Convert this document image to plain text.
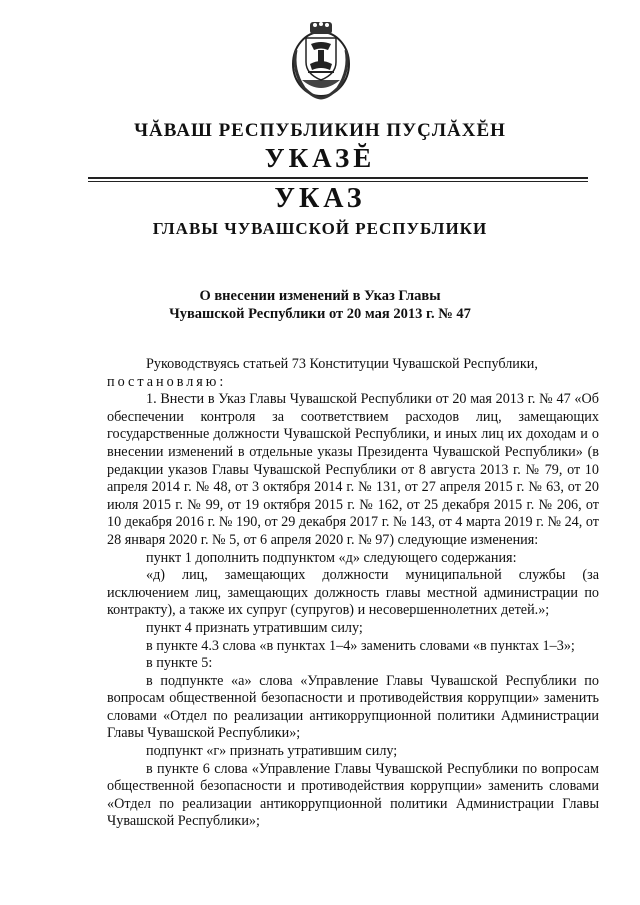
ЧĂВАШ РЕСПУБЛИКИН ПУҪЛĂХĔН
УКАЗĔ
УКАЗ
ГЛАВЫ ЧУВАШСКОЙ РЕСПУБЛИКИ
О внесении изменений в Указ Главы
Чувашской Республики от 20 мая 2013 г. № 47

Руководствуясь статьей 73 Конституции Чувашской Республики,

постановляю:

1. Внести в Указ Главы Чувашской Республики от 20 мая 2013 г. № 47 «Об обеспечении контроля за соответствием расходов лиц, замещающих государственные должности Чувашской Республики, и иных лиц их доходам и о внесении изменений в отдельные указы Президента Чувашской Республики» (в редакции указов Главы Чувашской Республики от 8 августа 2013 г. № 79, от 10 апреля 2014 г. № 48, от 3 октября 2014 г. № 131, от 27 апреля 2015 г. № 63, от 20 июля 2015 г. № 99, от 19 октября 2015 г. № 162, от 25 декабря 2015 г. № 206, от 10 декабря 2016 г. № 190, от 29 декабря 2017 г. № 143, от 4 марта 2019 г. № 24, от 28 января 2020 г. № 5, от 6 апреля 2020 г. № 97) следующие изменения:

пункт 1 дополнить подпунктом «д» следующего содержания:

«д) лиц, замещающих должности муниципальной службы (за исключением лиц, замещающих должность главы местной администрации по контракту), а также их супруг (супругов) и несовершеннолетних детей.»;

пункт 4 признать утратившим силу;

в пункте 4.3 слова «в пунктах 1–4» заменить словами «в пунктах 1–3»;

в пункте 5:

в подпункте «а» слова «Управление Главы Чувашской Республики по вопросам общественной безопасности и противодействия коррупции» заменить словами «Отдел по реализации антикоррупционной политики Администрации Главы Чувашской Республики»;

подпункт «г» признать утратившим силу;

в пункте 6 слова «Управление Главы Чувашской Республики по вопросам общественной безопасности и противодействия коррупции» заменить словами «Отдел по реализации антикоррупционной политики Администрации Главы Чувашской Республики»;
